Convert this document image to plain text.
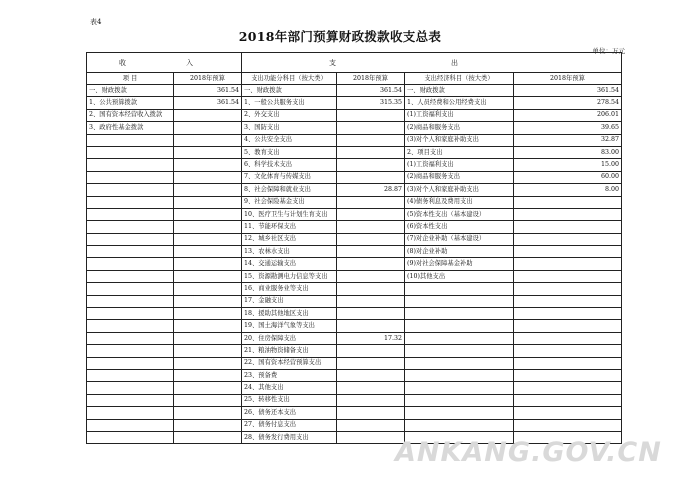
表4
2018年部门预算财政拨款收支总表
单位：万元
收 入		支 出			
项 目	2018年预算	支出功能分科目（按大类）	2018年预算	支出经济科目（按大类）	2018年预算
一、财政拨款	361.54	一、财政拨款	361.54	一、财政拨款	361.54
1、公共预算拨款	361.54	1、一般公共服务支出	315.35	1、人员经费和公用经费支出	278.54
2、国有资本经营收入拨款		2、外交支出		(1)工资福利支出	206.01
3、政府性基金拨款		3、国防支出		(2)商品和服务支出	39.65
		4、公共安全支出		(3)对个人和家庭补助支出	32.87
		5、教育支出		2、项目支出	83.00
		6、科学技术支出		(1)工资福利支出	15.00
		7、文化体育与传媒支出		(2)商品和服务支出	60.00
		8、社会保障和就业支出	28.87	(3)对个人和家庭补助支出	8.00
		9、社会保险基金支出		(4)债务利息及费用支出	
		10、医疗卫生与计划生育支出		(5)资本性支出（基本建设）	
		11、节能环保支出		(6)资本性支出	
		12、城乡社区支出		(7)对企业补助（基本建设）	
		13、农林水支出		(8)对企业补助	
		14、交通运输支出		(9)对社会保障基金补助	
		15、资源勘测电力信息等支出		(10)其他支出	
		16、商业服务业等支出			
		17、金融支出			
		18、援助其他地区支出			
		19、国土海洋气象等支出			
		20、住房保障支出	17.32		
		21、粮油物资储备支出			
		22、国有资本经营预算支出			
		23、预备费			
		24、其他支出			
		25、转移性支出			
		26、债务还本支出			
		27、债务付息支出			
		28、债务发行费用支出				ANKANG.GOV.CN
